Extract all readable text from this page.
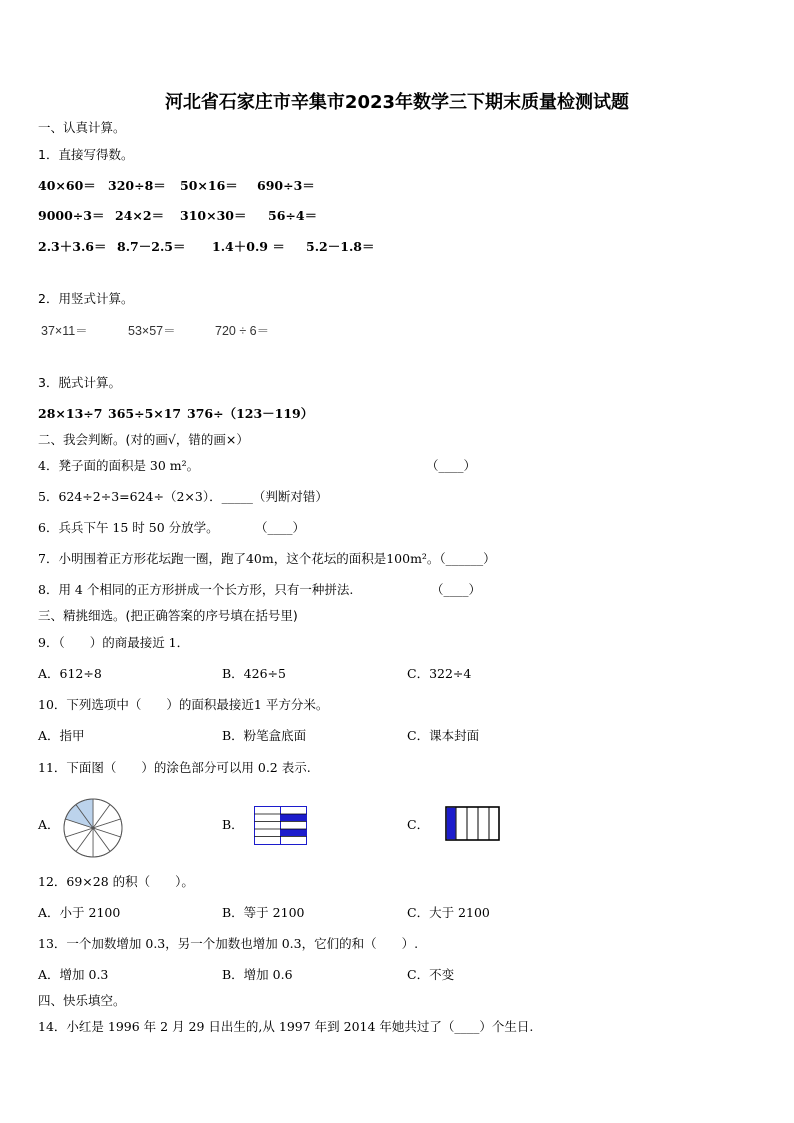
河北省石家庄市辛集市2023年数学三下期末质量检测试题
一、认真计算。
1．直接写得数。
40×60＝ 320÷8＝ 50×16＝ 690÷3＝
9000÷3＝ 24×2＝ 310×30＝ 56÷4＝
2.3＋3.6＝ 8.7－2.5＝ 1.4＋0.9 ＝ 5.2－1.8＝
2．用竖式计算。
37×11＝	53×57＝	720 ÷ 6＝
3．脱式计算。
28×13÷7 365÷5×17 376÷（123－119）
二、我会判断。(对的画√，错的画×）
4．凳子面的面积是 30 m²。	（____）
5．624÷2÷3=624÷（2×3）．_____（判断对错）
6．兵兵下午 15 时 50 分放学。	（____）
7．小明围着正方形花坛跑一圈，跑了40m，这个花坛的面积是100m²。（______）
8．用 4 个相同的正方形拼成一个长方形，只有一种拼法.	（____）
三、精挑细选。(把正确答案的序号填在括号里)
9．（　　）的商最接近 1．
A．612÷8	B．426÷5	C．322÷4
10．下列选项中（　　）的面积最接近1 平方分米。
A．指甲	B．粉笔盒底面	C．课本封面
11．下面图（　　）的涂色部分可以用 0.2 表示.
A．	B．	C．
12．69×28 的积（　　）。
A．小于 2100	B．等于 2100	C．大于 2100
13．一个加数增加 0.3，另一个加数也增加 0.3，它们的和（　　）.
A．增加 0.3	B．增加 0.6	C．不变
四、快乐填空。
14．小红是 1996 年 2 月 29 日出生的,从 1997 年到 2014 年她共过了（____）个生日.
